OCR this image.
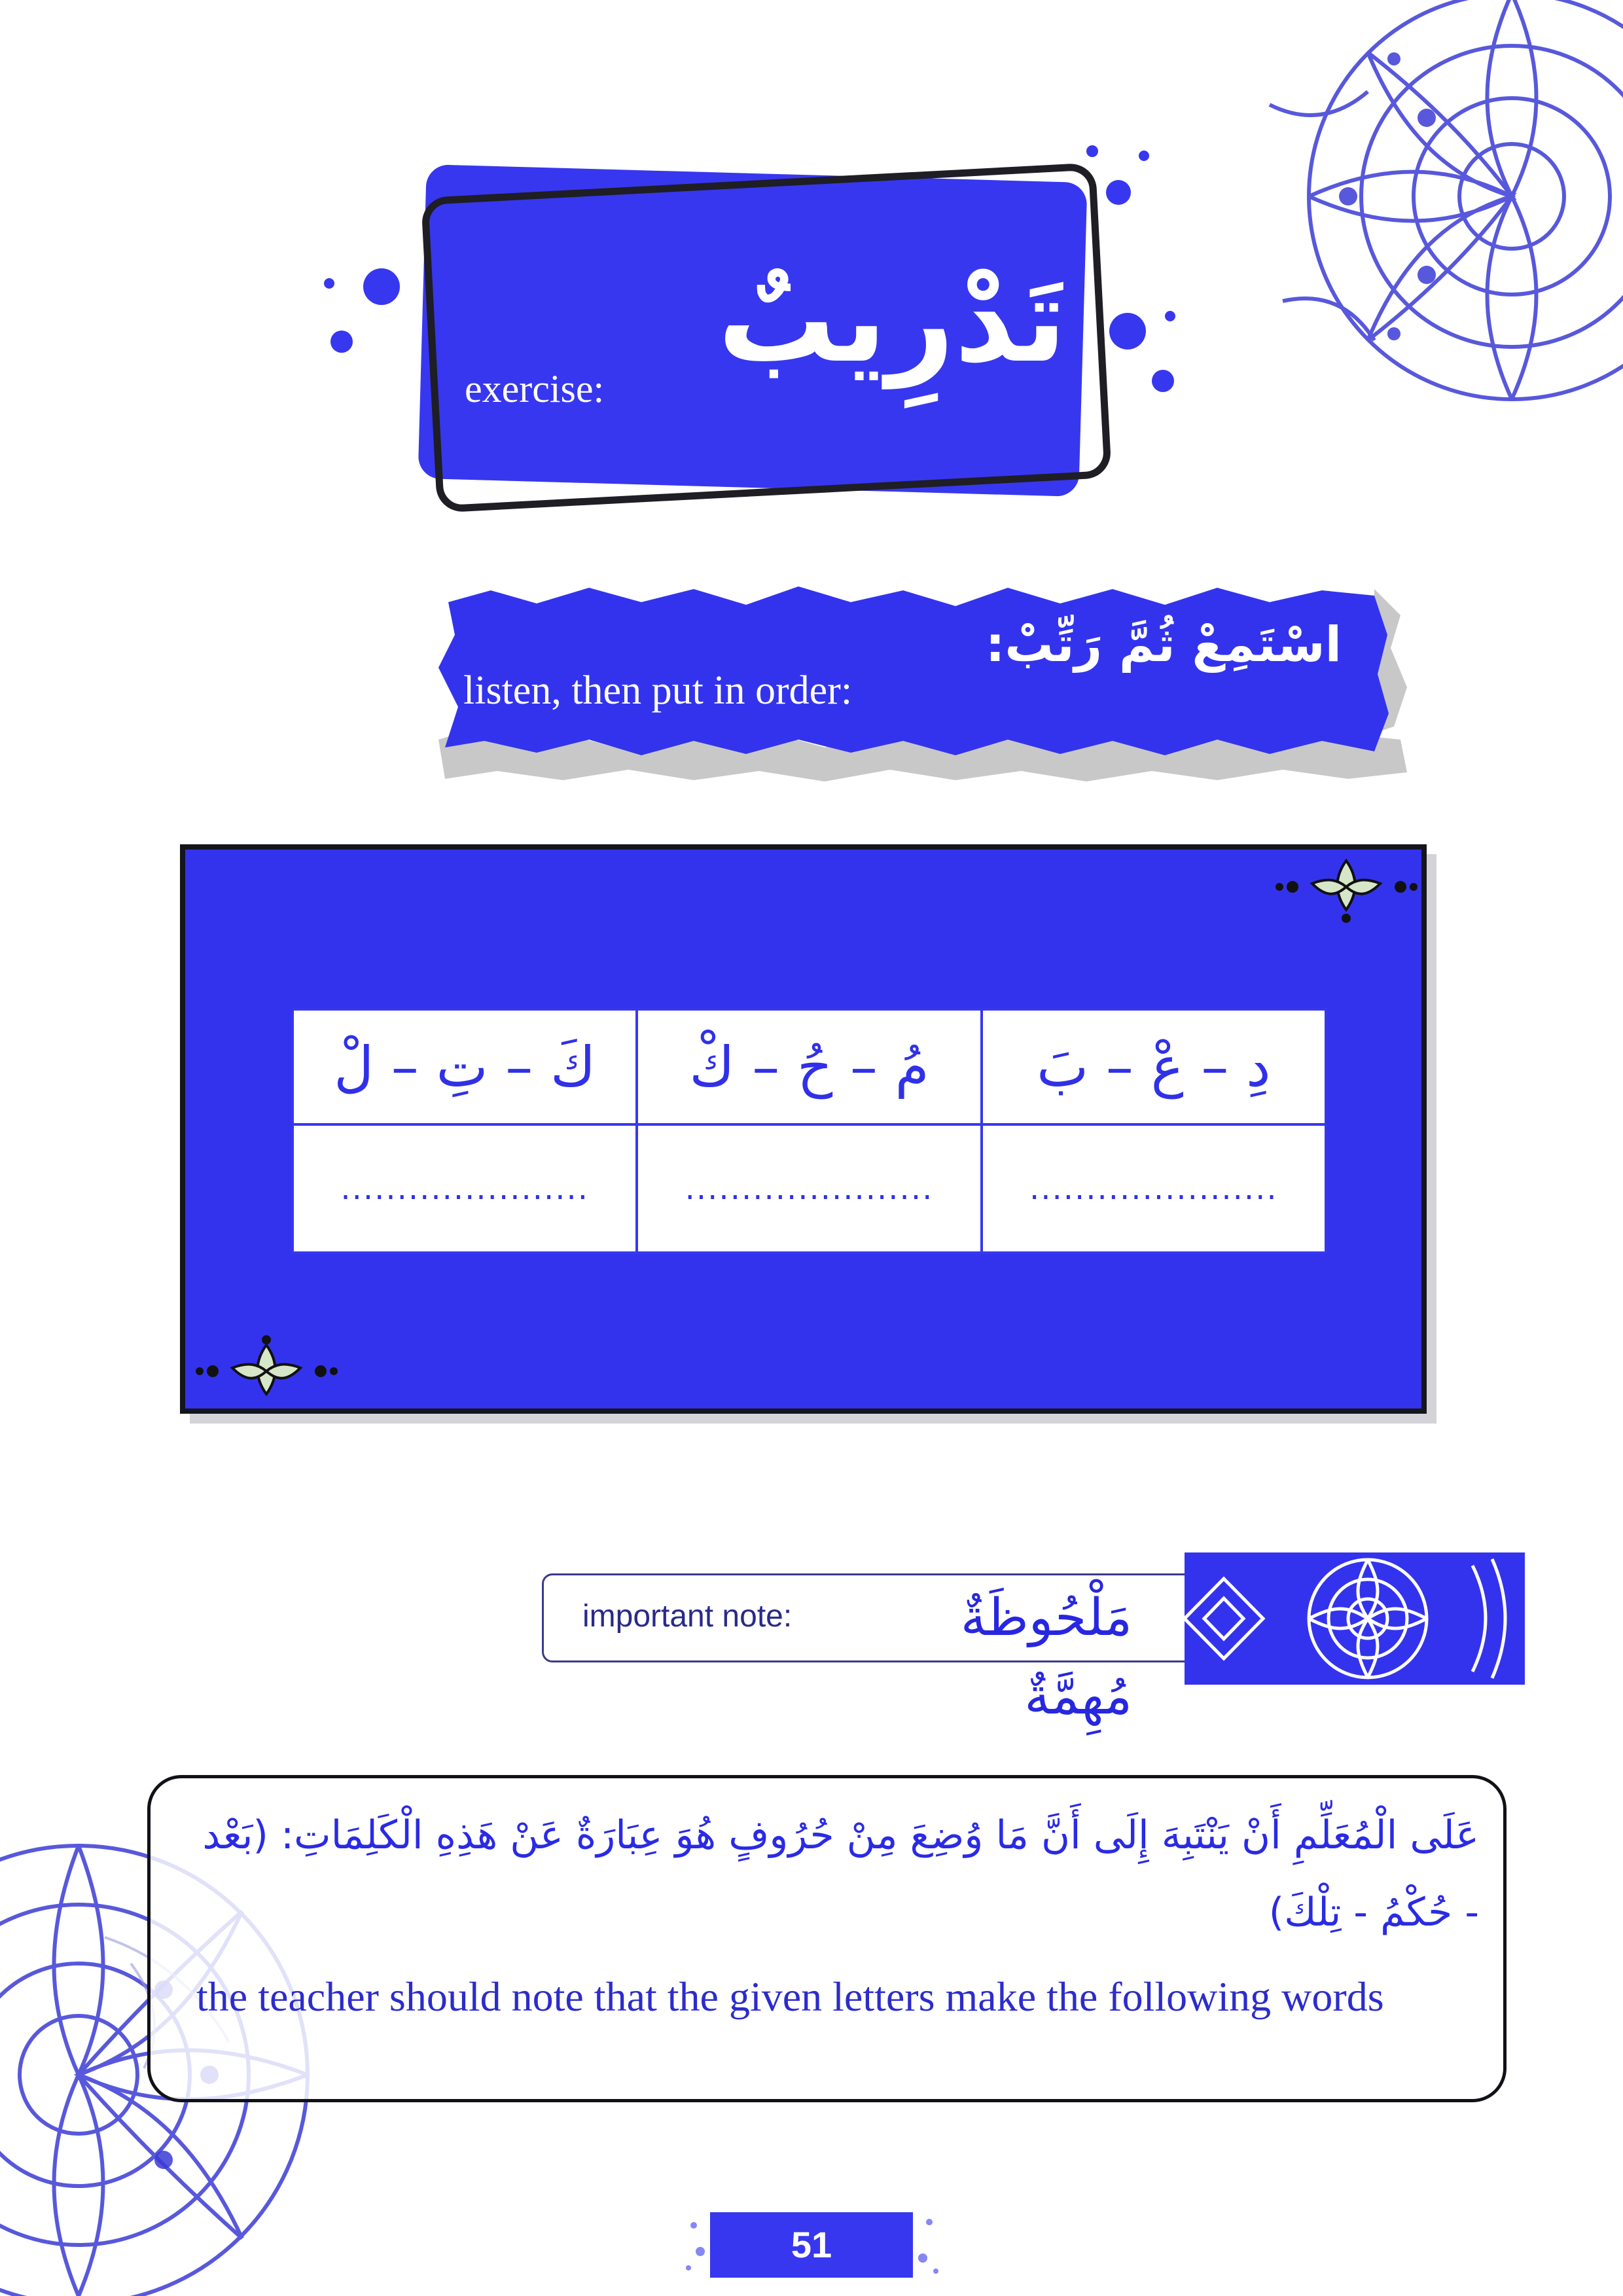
تَدْرِيبٌ
exercise:
اسْتَمِعْ ثُمَّ رَتِّبْ:
listen, then put in order:
كَ – تِ – لْ	مُ – حُ – كْ	دِ – عْ – بَ
......................	......................	......................
important note:	مَلْحُوظَةٌ مُهِمَّةٌ
عَلَى الْمُعَلِّمِ أَنْ يَنْتَبِهَ إِلَى أَنَّ مَا وُضِعَ مِنْ حُرُوفٍ هُوَ عِبَارَةٌ عَنْ هَذِهِ الْكَلِمَاتِ: (بَعْد - حُكْمُ - تِلْكَ)
the teacher should note that the given letters make the following words
51
